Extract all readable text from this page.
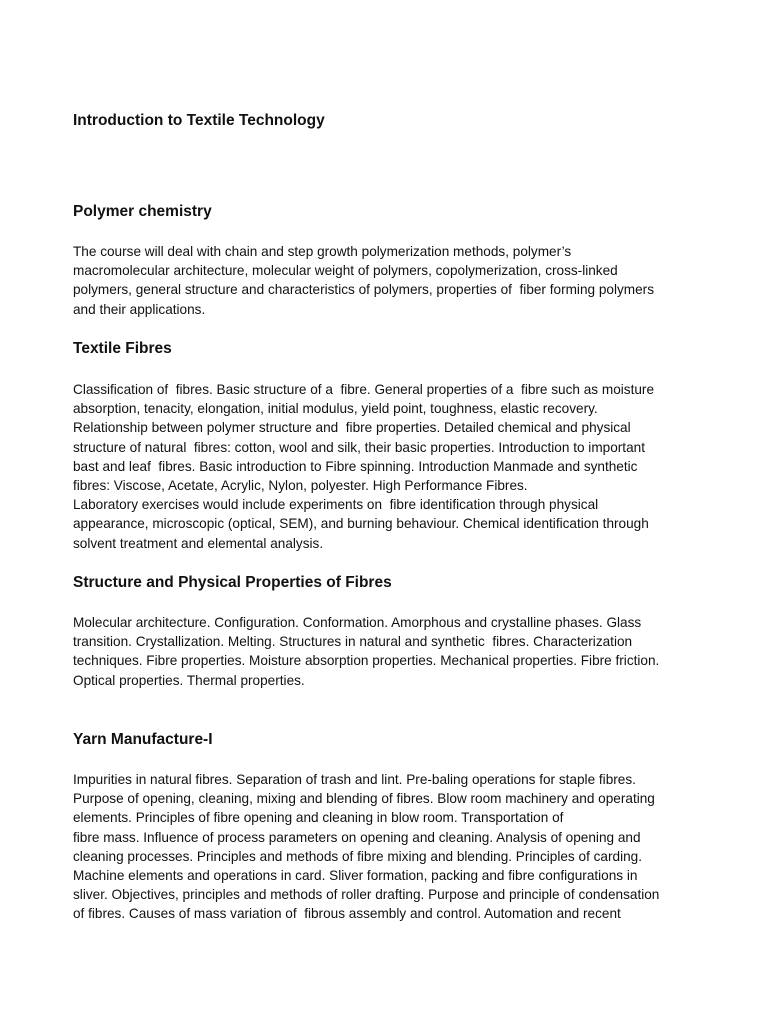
Introduction to Textile Technology
Polymer chemistry
The course will deal with chain and step growth polymerization methods, polymer’s
macromolecular architecture, molecular weight of polymers, copolymerization, cross-linked
polymers, general structure and characteristics of polymers, properties of  fiber forming polymers
and their applications.
Textile Fibres
Classification of  fibres. Basic structure of a  fibre. General properties of a  fibre such as moisture
absorption, tenacity, elongation, initial modulus, yield point, toughness, elastic recovery.
Relationship between polymer structure and  fibre properties. Detailed chemical and physical
structure of natural  fibres: cotton, wool and silk, their basic properties. Introduction to important
bast and leaf  fibres. Basic introduction to Fibre spinning. Introduction Manmade and synthetic
fibres: Viscose, Acetate, Acrylic, Nylon, polyester. High Performance Fibres.
Laboratory exercises would include experiments on  fibre identification through physical
appearance, microscopic (optical, SEM), and burning behaviour. Chemical identification through
solvent treatment and elemental analysis.
Structure and Physical Properties of Fibres
Molecular architecture. Configuration. Conformation. Amorphous and crystalline phases. Glass
transition. Crystallization. Melting. Structures in natural and synthetic  fibres. Characterization
techniques. Fibre properties. Moisture absorption properties. Mechanical properties. Fibre friction.
Optical properties. Thermal properties.
Yarn Manufacture-I
Impurities in natural fibres. Separation of trash and lint. Pre-baling operations for staple fibres.
Purpose of opening, cleaning, mixing and blending of fibres. Blow room machinery and operating
elements. Principles of fibre opening and cleaning in blow room. Transportation of
fibre mass. Influence of process parameters on opening and cleaning. Analysis of opening and
cleaning processes. Principles and methods of fibre mixing and blending. Principles of carding.
Machine elements and operations in card. Sliver formation, packing and fibre configurations in
sliver. Objectives, principles and methods of roller drafting. Purpose and principle of condensation
of fibres. Causes of mass variation of  fibrous assembly and control. Automation and recent
